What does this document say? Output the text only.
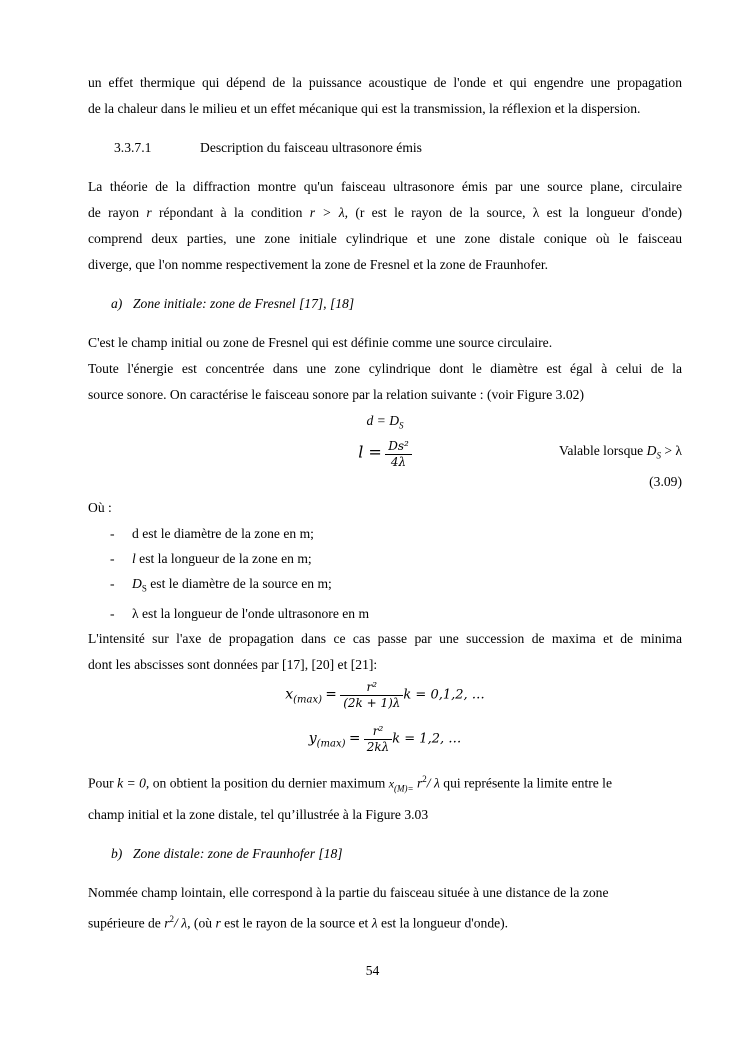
un effet thermique qui dépend de la puissance acoustique de l'onde et qui engendre une propagation

de la chaleur dans le milieu et un effet mécanique qui est la transmission, la réflexion et la dispersion.

3.3.7.1	Description du faisceau ultrasonore émis

La théorie de la diffraction montre qu'un faisceau ultrasonore émis par une source plane, circulaire

de rayon r répondant à la condition r > λ, (r est le rayon de la source, λ est la longueur d'onde)

comprend deux parties, une zone initiale cylindrique et une zone distale conique où le faisceau

diverge, que l'on nomme respectivement la zone de Fresnel et la zone de Fraunhofer.

a) Zone initiale: zone de Fresnel [17], [18]

C'est le champ initial ou zone de Fresnel qui est définie comme une source circulaire.

Toute l'énergie est concentrée dans une zone cylindrique dont le diamètre est égal à celui de la

source sonore. On caractérise le faisceau sonore par la relation suivante : (voir Figure 3.02)

$d = D_S$

$l = \frac{\text{Ds²}}{4\lambda}$	Valable lorsque $D_S > \lambda$

(3.09)

Où :

- d est le diamètre de la zone en m;
- l est la longueur de la zone en m;
- $D_S$ est le diamètre de la source en m;
- λ est la longueur de l'onde ultrasonore en m

L'intensité sur l'axe de propagation dans ce cas passe par une succession de maxima et de minima

dont les abscisses sont données par [17], [20] et [21]:

$x_{(max)} = \frac{\text{r²}}{(2k + 1)\lambda}$ k = 0,1,2, …
$y_{(max)} = \frac{\text{r²}}{2k\lambda}$ k = 1,2, …

Pour k = 0, on obtient la position du dernier maximum $x_{(M)=}$ $r^2/$ λ qui représente la limite entre le

champ initial et la zone distale, tel qu’illustrée à la Figure 3.03

b) Zone distale: zone de Fraunhofer [18]

Nommée champ lointain, elle correspond à la partie du faisceau située à une distance de la zone

supérieure de $r^2/$ λ, (où r est le rayon de la source et λ est la longueur d'onde).

54
